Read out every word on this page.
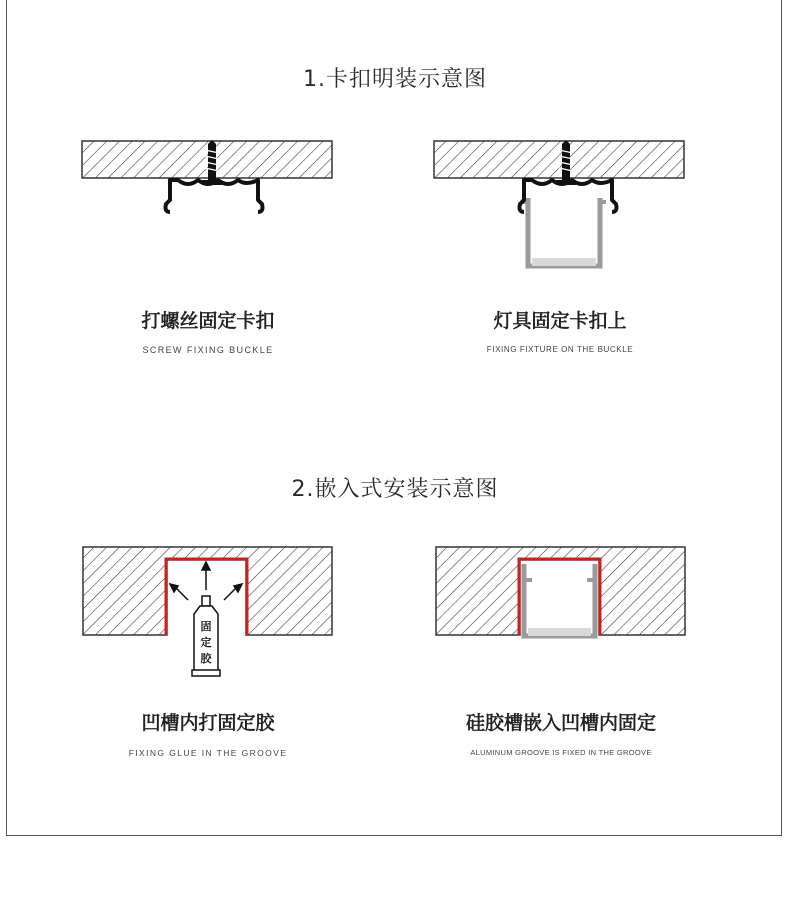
1.卡扣明装示意图
打螺丝固定卡扣
SCREW FIXING BUCKLE
灯具固定卡扣上
FIXING FIXTURE ON THE BUCKLE
2.嵌入式安装示意图
固
定
胶
凹槽内打固定胶
FIXING GLUE IN THE GROOVE
硅胶槽嵌入凹槽内固定
ALUMINUM GROOVE IS FIXED IN THE GROOVE
